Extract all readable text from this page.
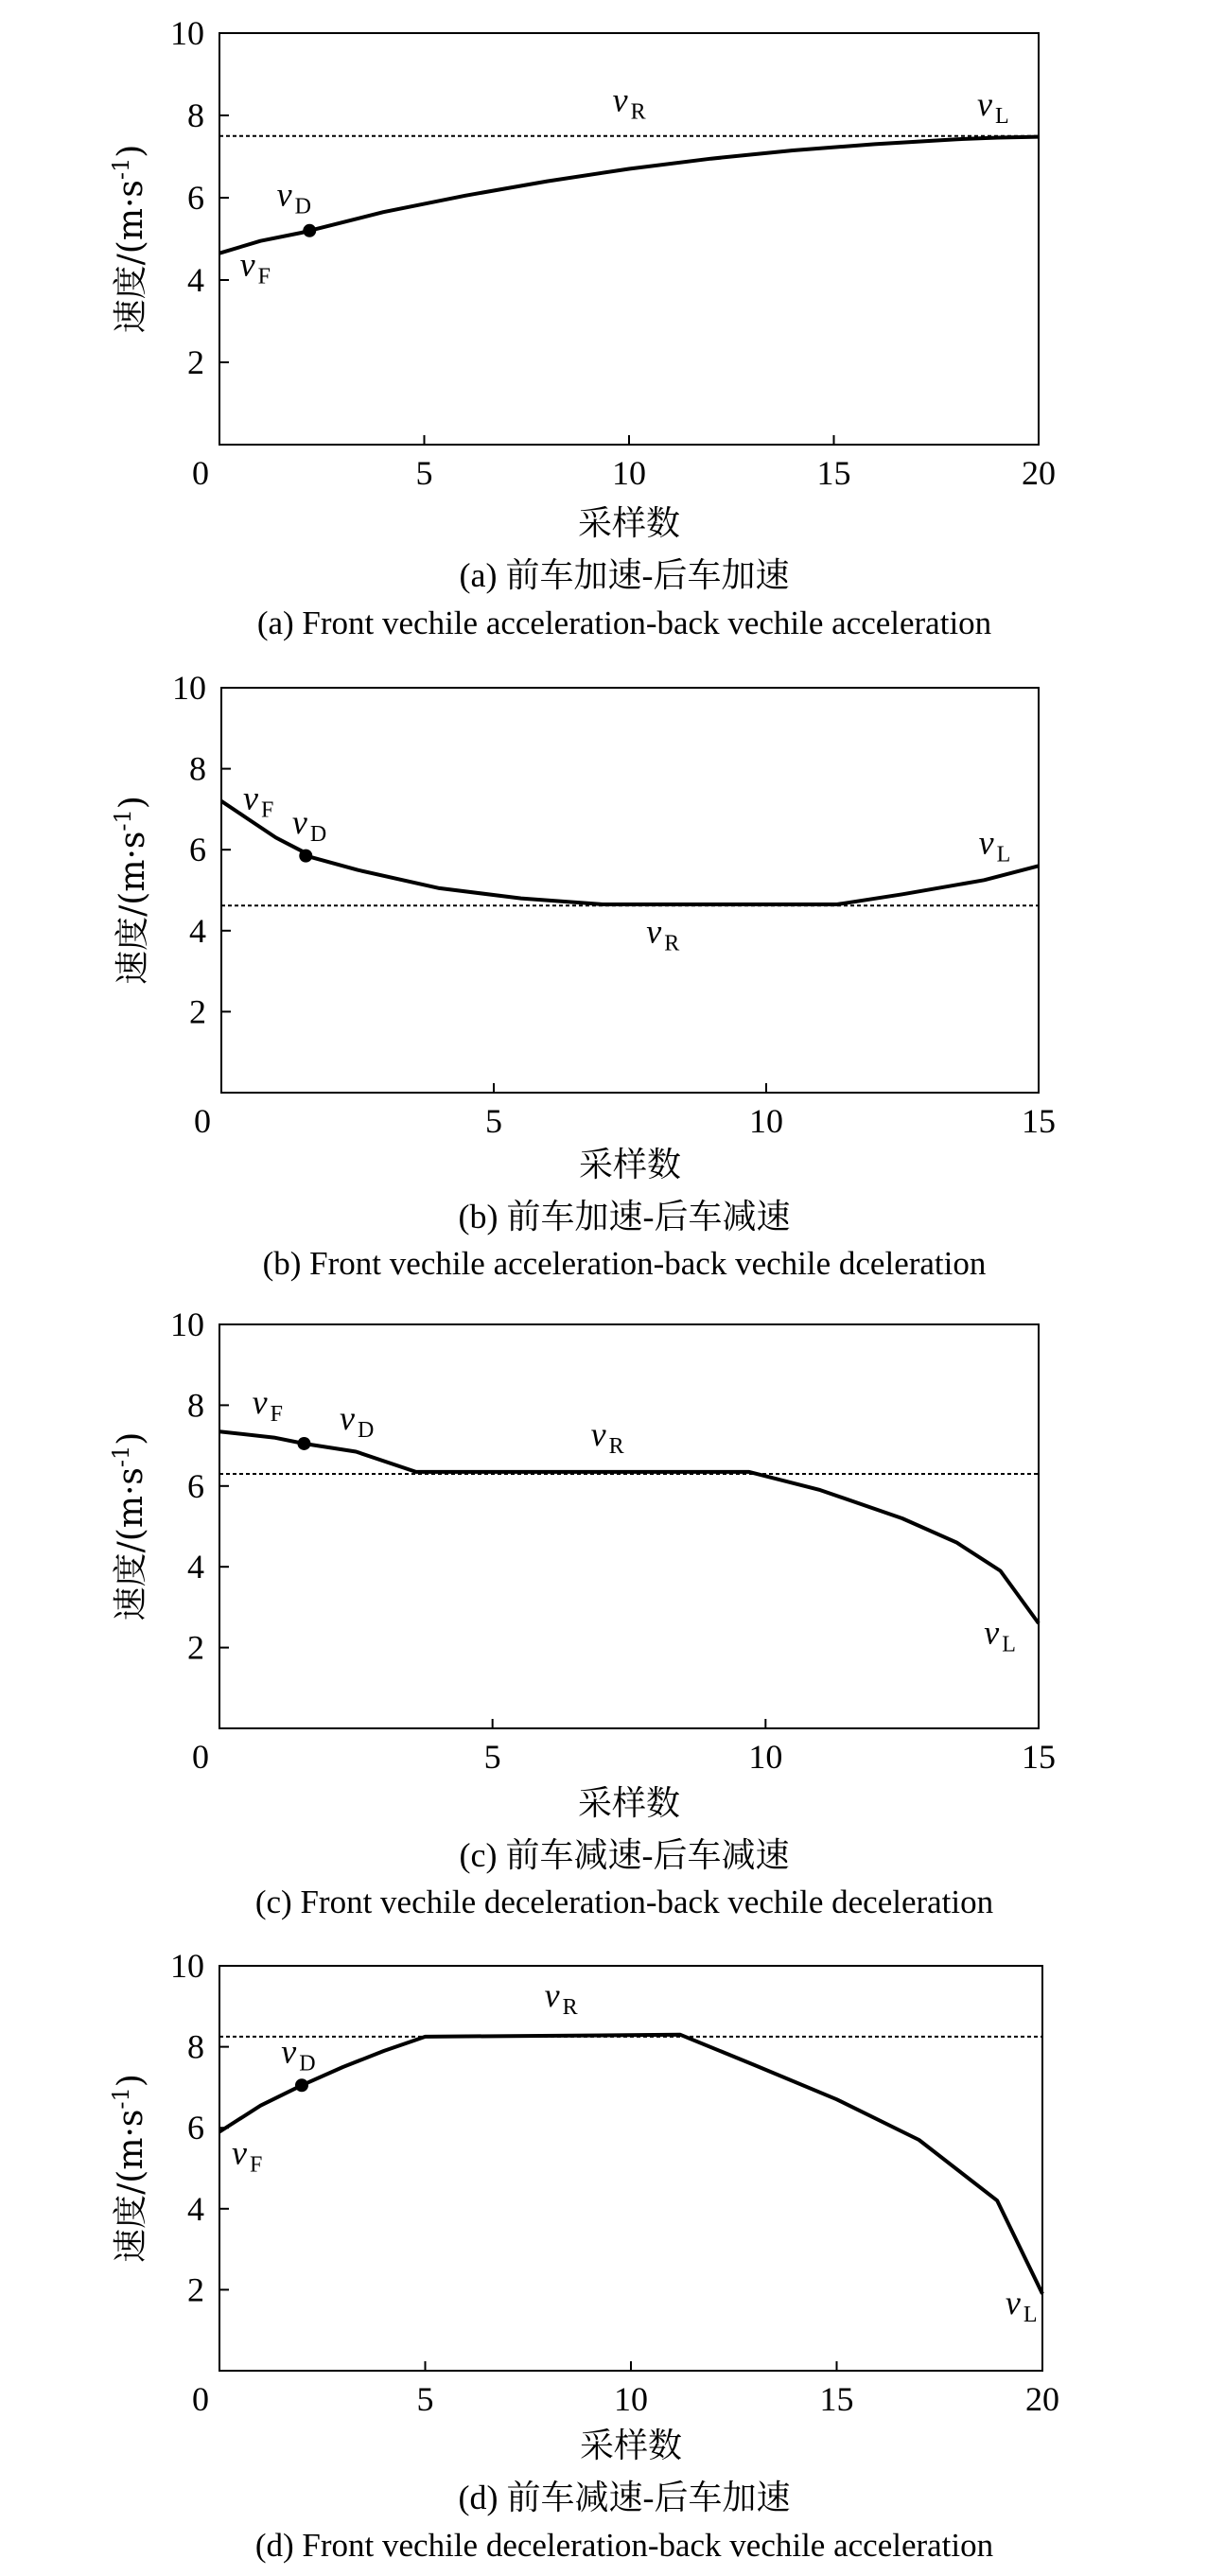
2
4
6
8
10
0	5	10	15	20
v $_F$
v $_D$
v $_R$	v $_L$
速度$/(m\cdot s^{-1})$
采样数
(a) 前车加速-后车加速
(a) Front vechile acceleration-back vechile acceleration
2
4
6
8
10
0	5	10	15
v $_F$ v $_D$
v $_R$
v $_L$
速度$/(m\cdot s^{-1})$
采样数
(b) 前车加速-后车减速
(b) Front vechile acceleration-back vechile dceleration
2
4
6
8
10
0	5	10	15
v $_F$ v $_D$	v $_R$
v $_L$
速度$/(m\cdot s^{-1})$
采样数
(c) 前车减速-后车减速
(c) Front vechile deceleration-back vechile deceleration
2
4
6
8
10
0	5	10	15	20
v $_F$
v $_D$
v $_R$
v $_L$
速度$/(m\cdot s^{-1})$
采样数
(d) 前车减速-后车加速
(d) Front vechile deceleration-back vechile acceleration
